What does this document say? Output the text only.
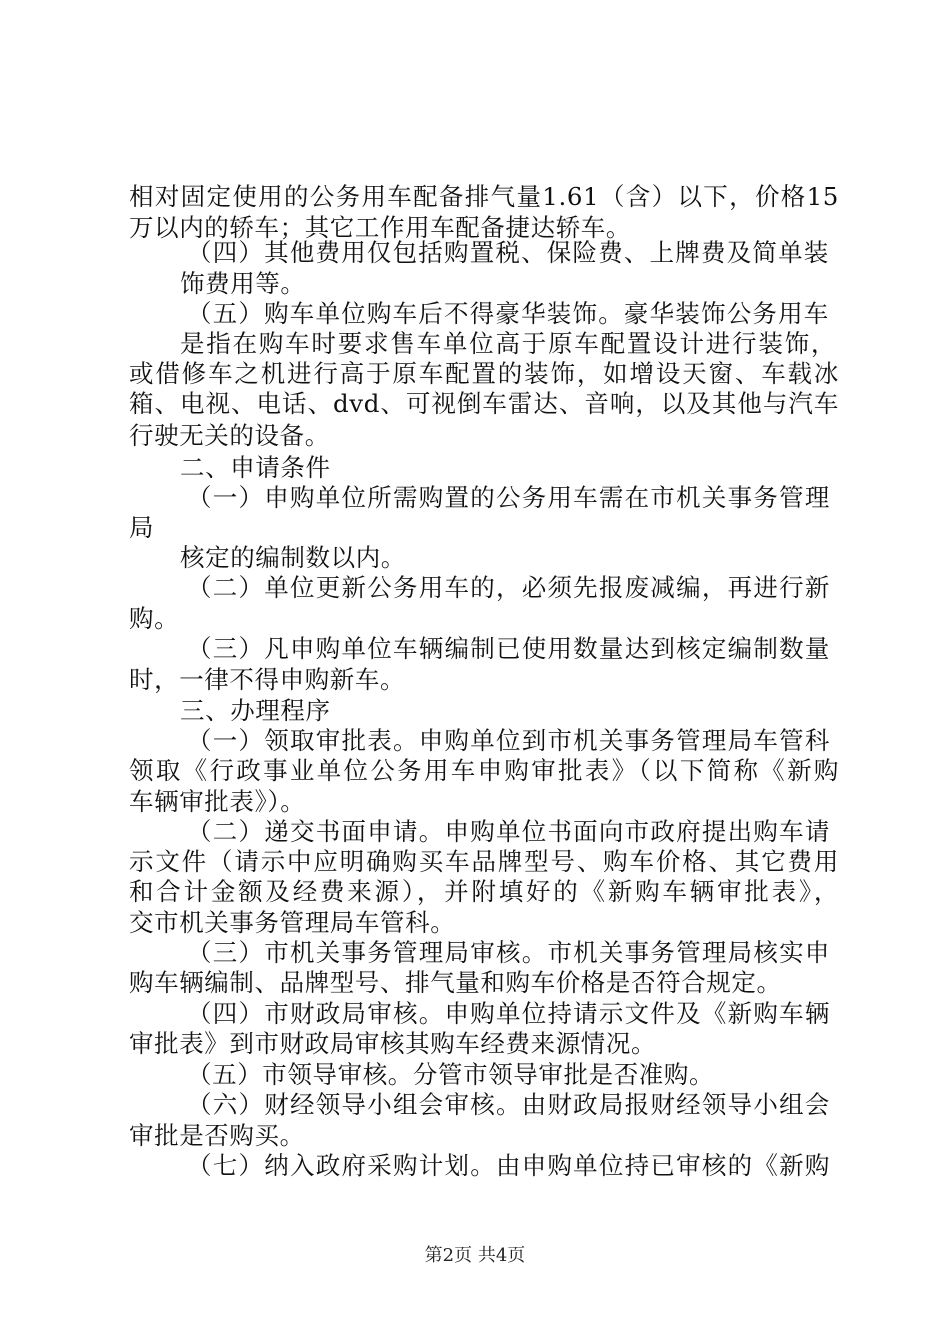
相对固定使用的公务用车配备排气量1.61（含）以下，价格15
万以内的轿车；其它工作用车配备捷达轿车。
（四）其他费用仅包括购置税、保险费、上牌费及简单装
饰费用等。
（五）购车单位购车后不得豪华装饰。豪华装饰公务用车
是指在购车时要求售车单位高于原车配置设计进行装饰，
或借修车之机进行高于原车配置的装饰，如增设天窗、车载冰
箱、电视、电话、dvd、可视倒车雷达、音响，以及其他与汽车
行驶无关的设备。
二、申请条件
（一）申购单位所需购置的公务用车需在市机关事务管理
局
核定的编制数以内。
（二）单位更新公务用车的，必须先报废减编，再进行新
购。
（三）凡申购单位车辆编制已使用数量达到核定编制数量
时，一律不得申购新车。
三、办理程序
（一）领取审批表。申购单位到市机关事务管理局车管科
领取《行政事业单位公务用车申购审批表》（以下简称《新购
车辆审批表》）。
（二）递交书面申请。申购单位书面向市政府提出购车请
示文件（请示中应明确购买车品牌型号、购车价格、其它费用
和合计金额及经费来源），并附填好的《新购车辆审批表》，
交市机关事务管理局车管科。
（三）市机关事务管理局审核。市机关事务管理局核实申
购车辆编制、品牌型号、排气量和购车价格是否符合规定。
（四）市财政局审核。申购单位持请示文件及《新购车辆
审批表》到市财政局审核其购车经费来源情况。
（五）市领导审核。分管市领导审批是否准购。
（六）财经领导小组会审核。由财政局报财经领导小组会
审批是否购买。
（七）纳入政府采购计划。由申购单位持已审核的《新购
第2页 共4页
